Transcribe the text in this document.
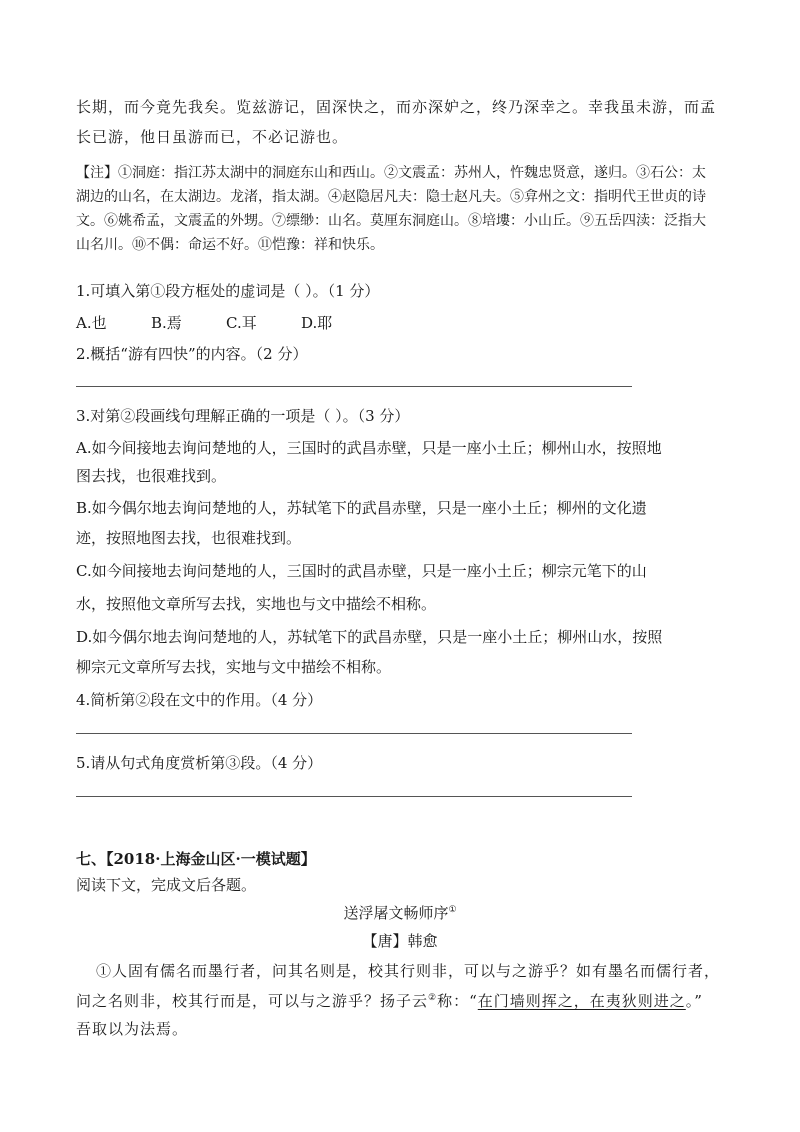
长期，而今竟先我矣。览兹游记，固深快之，而亦深妒之，终乃深幸之。幸我虽未游，而孟

长已游，他日虽游而已，不必记游也。

【注】①洞庭：指江苏太湖中的洞庭东山和西山。②文震孟：苏州人，忤魏忠贤意，遂归。③石公：太

湖边的山名，在太湖边。龙渚，指太湖。④赵隐居凡夫：隐士赵凡夫。⑤弇州之文：指明代王世贞的诗

文。⑥姚希孟，文震孟的外甥。⑦缥缈：山名。莫厘东洞庭山。⑧培塿：小山丘。⑨五岳四渎：泛指大

山名川。⑩不偶：命运不好。⑪恺豫：祥和快乐。

1.可填入第①段方框处的虚词是（ ）。（1 分）

A.也	B.焉	C.耳	D.耶

2.概括“游有四快”的内容。（2 分）

3.对第②段画线句理解正确的一项是（ ）。（3 分）

A.如今间接地去询问楚地的人，三国时的武昌赤壁，只是一座小土丘；柳州山水，按照地

图去找，也很难找到。

B.如今偶尔地去询问楚地的人，苏轼笔下的武昌赤壁，只是一座小土丘；柳州的文化遗

迹，按照地图去找，也很难找到。

C.如今间接地去询问楚地的人，三国时的武昌赤壁，只是一座小土丘；柳宗元笔下的山

水，按照他文章所写去找，实地也与文中描绘不相称。

D.如今偶尔地去询问楚地的人，苏轼笔下的武昌赤壁，只是一座小土丘；柳州山水，按照

柳宗元文章所写去找，实地与文中描绘不相称。

4.简析第②段在文中的作用。（4 分）

5.请从句式角度赏析第③段。（4 分）

七、【2018·上海金山区·一模试题】

阅读下文，完成文后各题。

送浮屠文畅师序①

【唐】韩愈

①人固有儒名而墨行者，问其名则是，校其行则非，可以与之游乎？如有墨名而儒行者，

问之名则非，校其行而是，可以与之游乎？扬子云②称：“在门墙则挥之，在夷狄则进之。”

吾取以为法焉。
